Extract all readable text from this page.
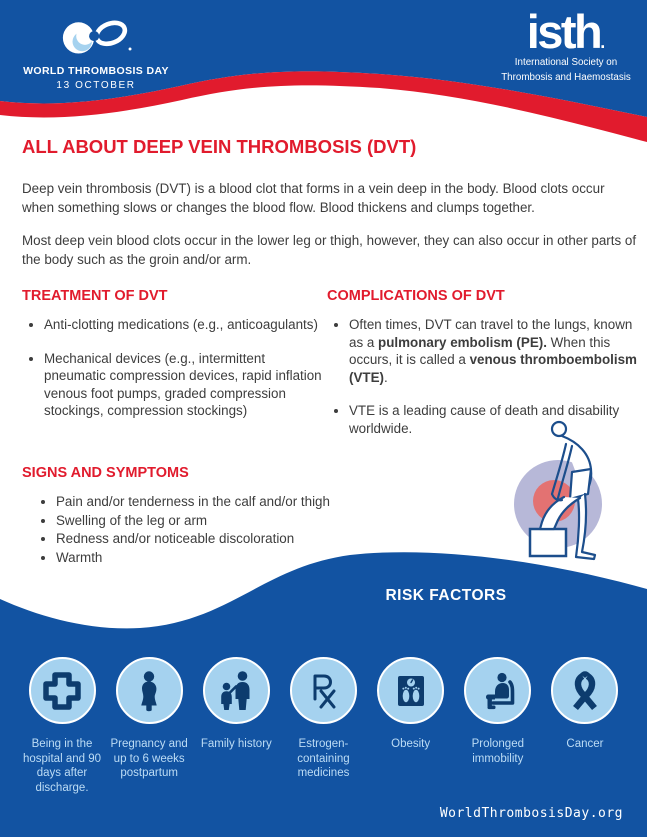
WORLD THROMBOSIS DAY
13 OCTOBER
isth.
International Society on
Thrombosis and Haemostasis
ALL ABOUT DEEP VEIN THROMBOSIS (DVT)

Deep vein thrombosis (DVT) is a blood clot that forms in a vein deep in the body. Blood clots occur when something slows or changes the blood flow. Blood thickens and clumps together.

Most deep vein blood clots occur in the lower leg or thigh, however, they can also occur in other parts of the body such as the groin and/or arm.

TREATMENT OF DVT
• Anti-clotting medications (e.g., anticoagulants)
• Mechanical devices (e.g., intermittent pneumatic compression devices, rapid inflation venous foot pumps, graded compression stockings, compression stockings)
COMPLICATIONS OF DVT
• Often times, DVT can travel to the lungs, known as a pulmonary embolism (PE). When this occurs, it is called a venous thromboembolism (VTE).
• VTE is a leading cause of death and disability worldwide.
SIGNS AND SYMPTOMS
• Pain and/or tenderness in the calf and/or thigh
• Swelling of the leg or arm
• Redness and/or noticeable discoloration
• Warmth
RISK FACTORS
Being in the hospital and 90 days after discharge.
Pregnancy and up to 6 weeks postpartum
Family history	Estrogen-containing medicines
Obesity	Prolonged immobility
Cancer
WorldThrombosisDay.org
